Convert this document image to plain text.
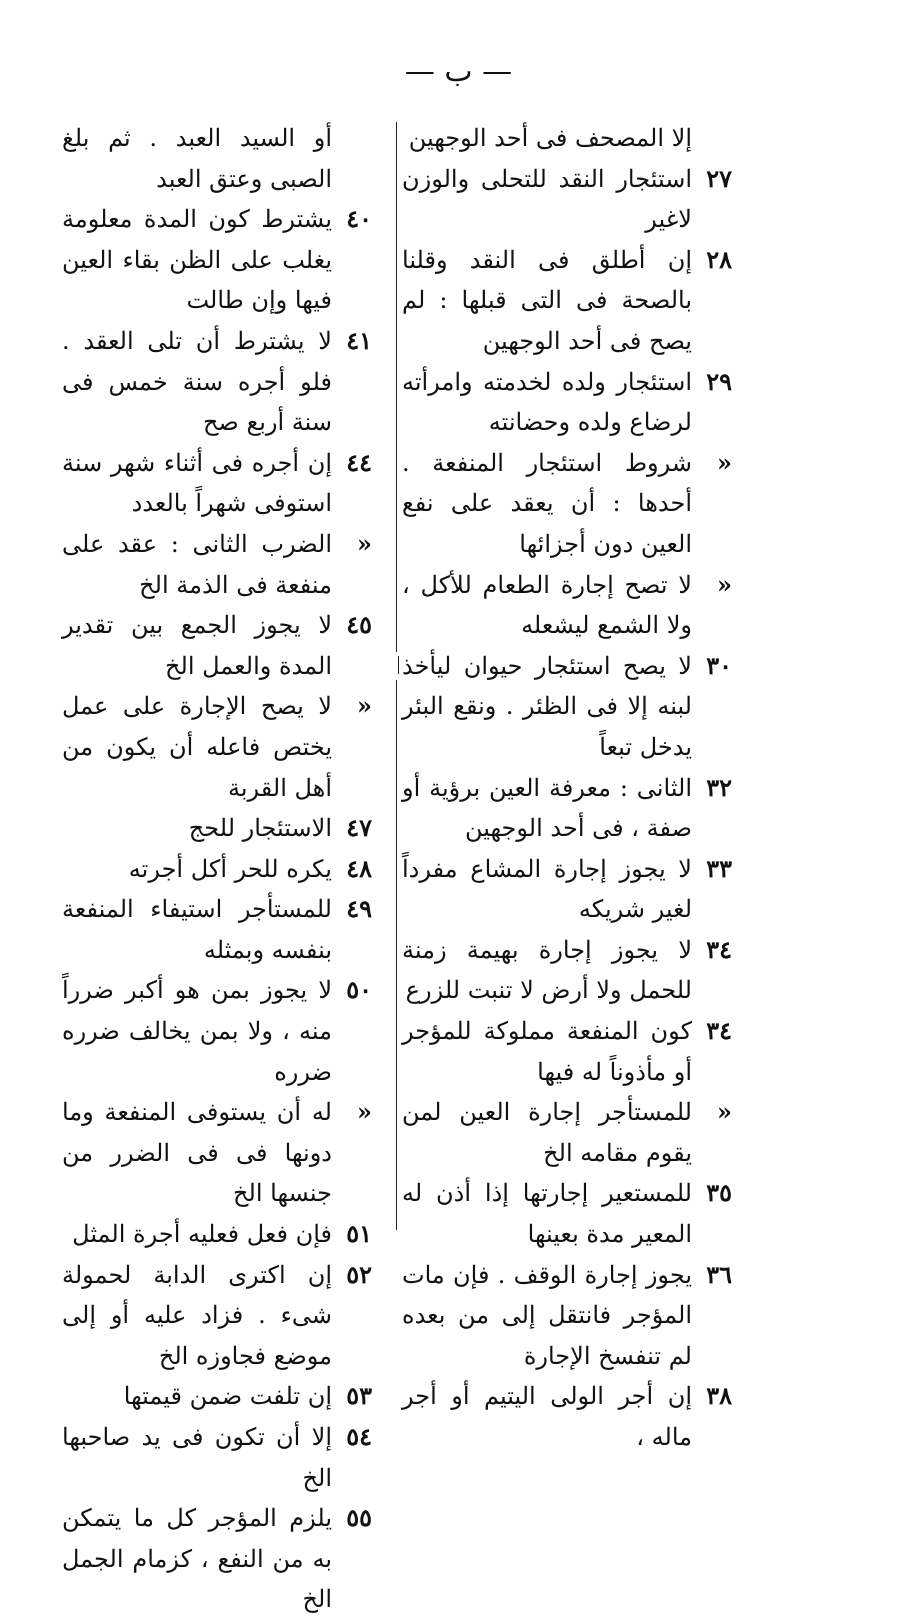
— ب —
إلا المصحف فى أحد الوجهين
٢٧
استئجار النقد للتحلى والوزن لاغير
٢٨
إن أطلق فى النقد وقلنا بالصحة فى التى قبلها : لم يصح فى أحد الوجهين
٢٩
استئجار ولده لخدمته وامرأته لرضاع ولده وحضانته
«
شروط استئجار المنفعة . أحدها : أن يعقد على نفع العين دون أجزائها
«
لا تصح إجارة الطعام للأكل ، ولا الشمع ليشعله
٣٠
لا يصح استئجار حيوان ليأخذ لبنه إلا فى الظئر . ونقع البئر يدخل تبعاً
٣٢
الثانى : معرفة العين برؤية أو صفة ، فى أحد الوجهين
٣٣
لا يجوز إجارة المشاع مفرداً لغير شريكه
٣٤
لا يجوز إجارة بهيمة زمنة للحمل ولا أرض لا تنبت للزرع
٣٤
كون المنفعة مملوكة للمؤجر أو مأذوناً له فيها
«
للمستأجر إجارة العين لمن يقوم مقامه الخ
٣٥
للمستعير إجارتها إذا أذن له المعير مدة بعينها
٣٦
يجوز إجارة الوقف . فإن مات المؤجر فانتقل إلى من بعده لم تنفسخ الإجارة
٣٨
إن أجر الولى اليتيم أو أجر ماله ،
أو السيد العبد . ثم بلغ الصبى وعتق العبد
٤٠
يشترط كون المدة معلومة يغلب على الظن بقاء العين فيها وإن طالت
٤١
لا يشترط أن تلى العقد . فلو أجره سنة خمس فى سنة أربع صح
٤٤
إن أجره فى أثناء شهر سنة استوفى شهراً بالعدد
«
الضرب الثانى : عقد على منفعة فى الذمة الخ
٤٥
لا يجوز الجمع بين تقدير المدة والعمل الخ
«
لا يصح الإجارة على عمل يختص فاعله أن يكون من أهل القربة
٤٧
الاستئجار للحج
٤٨
يكره للحر أكل أجرته
٤٩
للمستأجر استيفاء المنفعة بنفسه وبمثله
٥٠
لا يجوز بمن هو أكبر ضرراً منه ، ولا بمن يخالف ضرره ضرره
«
له أن يستوفى المنفعة وما دونها فى فى الضرر من جنسها الخ
٥١
فإن فعل فعليه أجرة المثل
٥٢
إن اكترى الدابة لحمولة شىء . فزاد عليه أو إلى موضع فجاوزه الخ
٥٣
إن تلفت ضمن قيمتها
٥٤
إلا أن تكون فى يد صاحبها الخ
٥٥
يلزم المؤجر كل ما يتمكن به من النفع ، كزمام الجمل الخ
